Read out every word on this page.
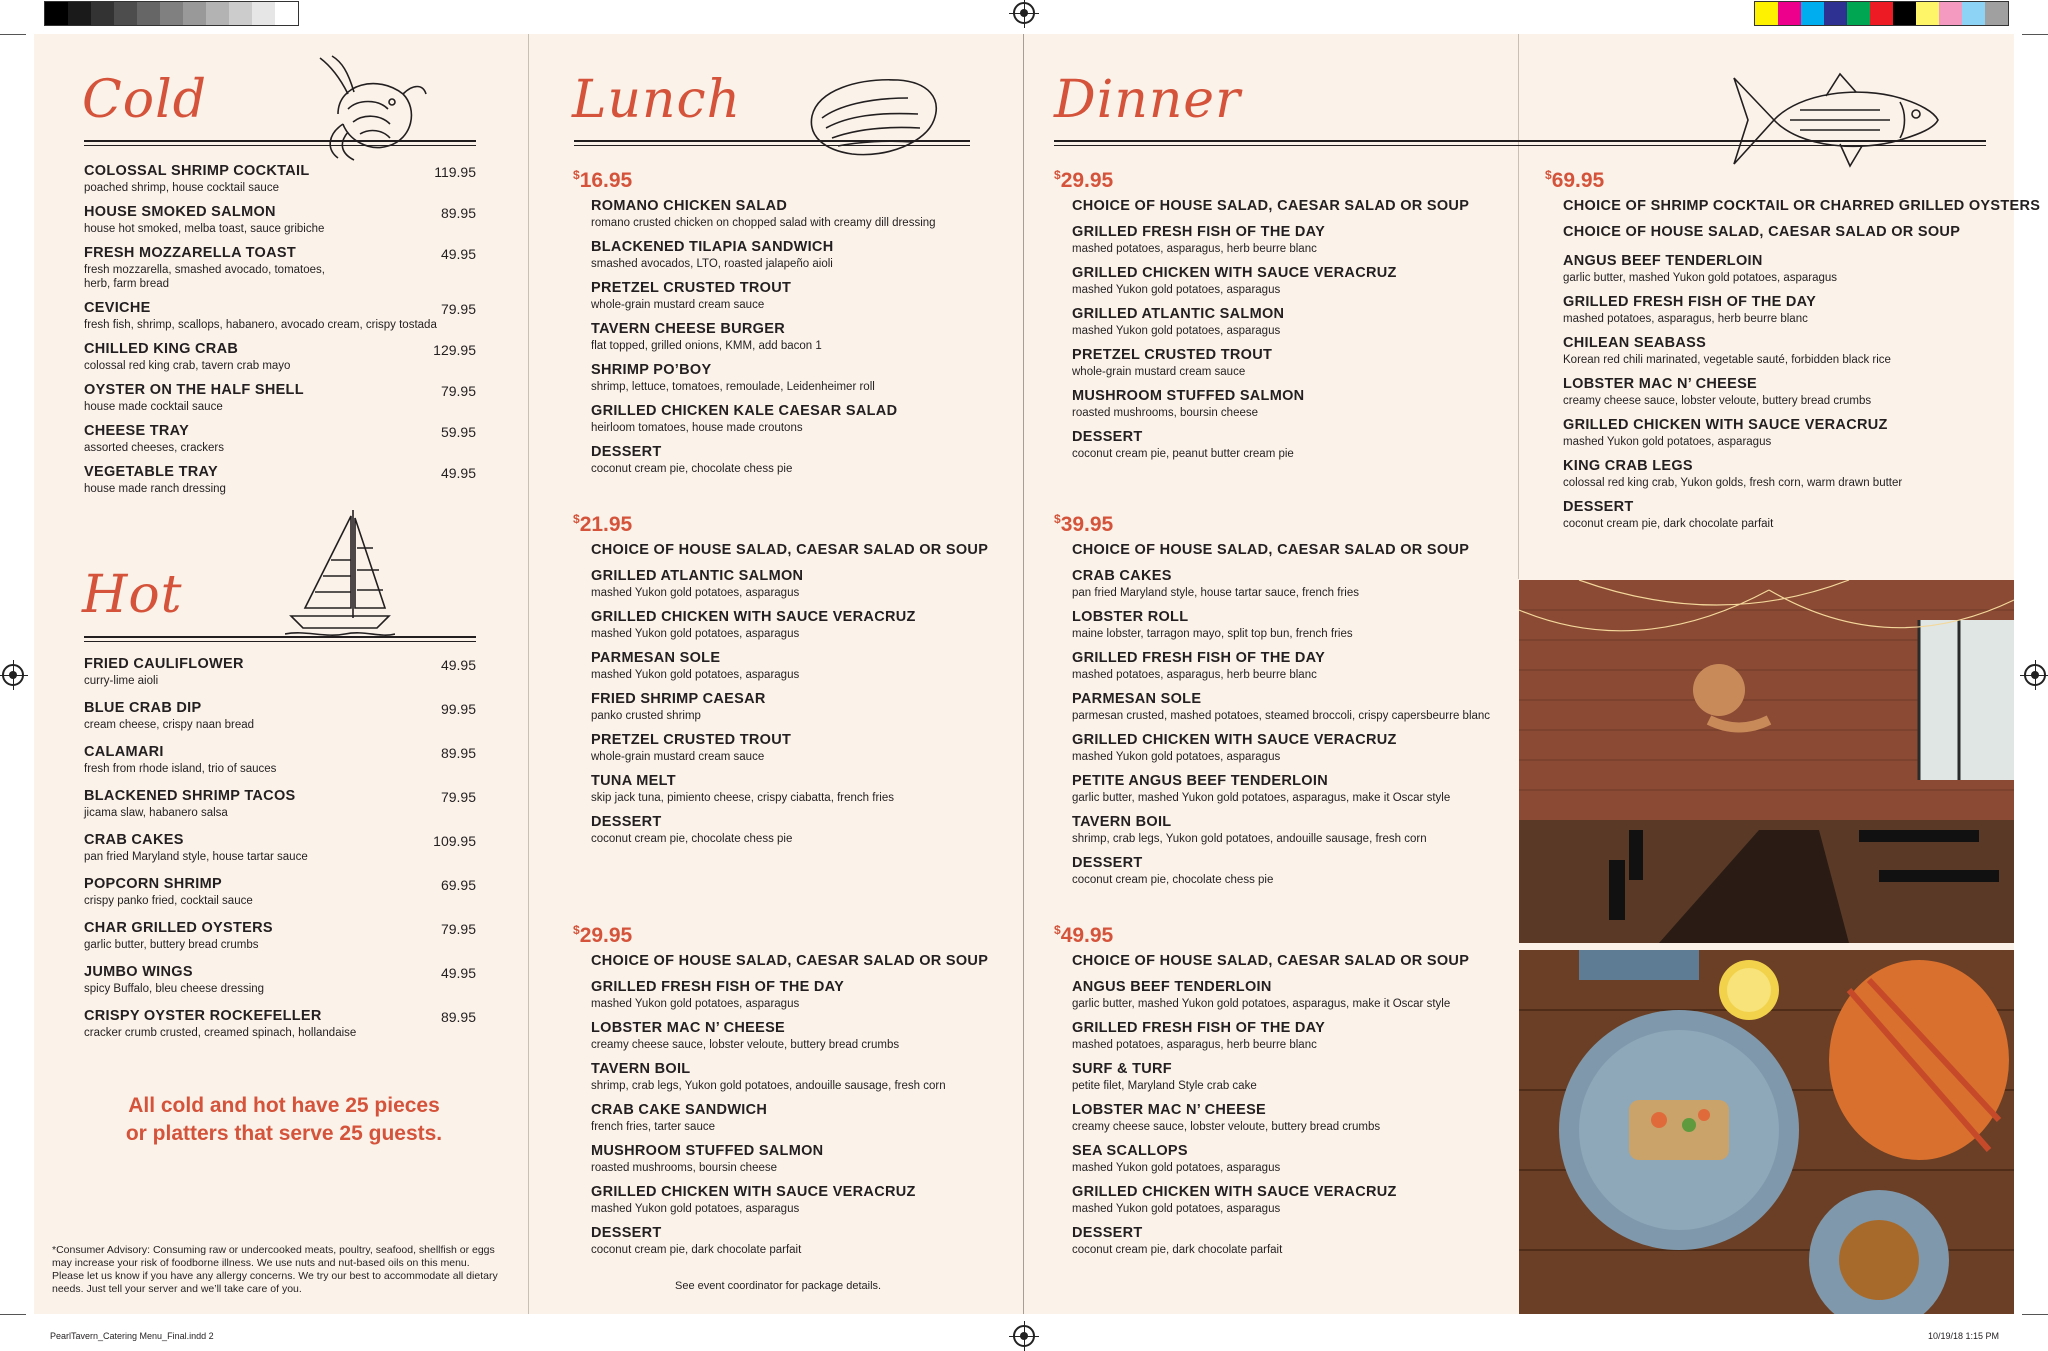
Cold
COLOSSAL SHRIMP COCKTAIL
poached shrimp, house cocktail sauce
119.95
HOUSE SMOKED SALMON
house hot smoked, melba toast, sauce gribiche
89.95
FRESH MOZZARELLA TOAST
fresh mozzarella, smashed avocado, tomatoes,
herb, farm bread
49.95
CEVICHE
fresh fish, shrimp, scallops, habanero, avocado cream, crispy tostada
79.95
CHILLED KING CRAB
colossal red king crab, tavern crab mayo
129.95
OYSTER ON THE HALF SHELL
house made cocktail sauce
79.95
CHEESE TRAY
assorted cheeses, crackers
59.95
VEGETABLE TRAY
house made ranch dressing
49.95
Hot
FRIED CAULIFLOWER
curry-lime aioli
49.95
BLUE CRAB DIP
cream cheese, crispy naan bread
99.95
CALAMARI
fresh from rhode island, trio of sauces
89.95
BLACKENED SHRIMP TACOS
jicama slaw, habanero salsa
79.95
CRAB CAKES
pan fried Maryland style, house tartar sauce
109.95
POPCORN SHRIMP
crispy panko fried, cocktail sauce
69.95
CHAR GRILLED OYSTERS
garlic butter, buttery bread crumbs
79.95
JUMBO WINGS
spicy Buffalo, bleu cheese dressing
49.95
CRISPY OYSTER ROCKEFELLER
cracker crumb crusted, creamed spinach, hollandaise
89.95
All cold and hot have 25 pieces
or platters that serve 25 guests.
*Consumer Advisory: Consuming raw or undercooked meats, poultry, seafood, shellfish or eggs may increase your risk of foodborne illness. We use nuts and nut-based oils on this menu. Please let us know if you have any allergy concerns. We try our best to accommodate all dietary needs. Just tell your server and we’ll take care of you.
Lunch
$16.95
ROMANO CHICKEN SALAD
romano crusted chicken on chopped salad with creamy dill dressing
BLACKENED TILAPIA SANDWICH
smashed avocados, LTO, roasted jalapeño aioli
PRETZEL CRUSTED TROUT
whole-grain mustard cream sauce
TAVERN CHEESE BURGER
flat topped, grilled onions, KMM, add bacon 1
SHRIMP PO’BOY
shrimp, lettuce, tomatoes, remoulade, Leidenheimer roll
GRILLED CHICKEN KALE CAESAR SALAD
heirloom tomatoes, house made croutons
DESSERT
coconut cream pie, chocolate chess pie
$21.95
CHOICE OF HOUSE SALAD, CAESAR SALAD OR SOUP
GRILLED ATLANTIC SALMON
mashed Yukon gold potatoes, asparagus
GRILLED CHICKEN WITH SAUCE VERACRUZ
mashed Yukon gold potatoes, asparagus
PARMESAN SOLE
mashed Yukon gold potatoes, asparagus
FRIED SHRIMP CAESAR
panko crusted shrimp
PRETZEL CRUSTED TROUT
whole-grain mustard cream sauce
TUNA MELT
skip jack tuna, pimiento cheese, crispy ciabatta, french fries
DESSERT
coconut cream pie, chocolate chess pie
$29.95
CHOICE OF HOUSE SALAD, CAESAR SALAD OR SOUP
GRILLED FRESH FISH OF THE DAY
mashed Yukon gold potatoes, asparagus
LOBSTER MAC N’ CHEESE
creamy cheese sauce, lobster veloute, buttery bread crumbs
TAVERN BOIL
shrimp, crab legs, Yukon gold potatoes, andouille sausage, fresh corn
CRAB CAKE SANDWICH
french fries, tarter sauce
MUSHROOM STUFFED SALMON
roasted mushrooms, boursin cheese
GRILLED CHICKEN WITH SAUCE VERACRUZ
mashed Yukon gold potatoes, asparagus
DESSERT
coconut cream pie, dark chocolate parfait
See event coordinator for package details.
Dinner
$29.95
CHOICE OF HOUSE SALAD, CAESAR SALAD OR SOUP
GRILLED FRESH FISH OF THE DAY
mashed potatoes, asparagus, herb beurre blanc
GRILLED CHICKEN WITH SAUCE VERACRUZ
mashed Yukon gold potatoes, asparagus
GRILLED ATLANTIC SALMON
mashed Yukon gold potatoes, asparagus
PRETZEL CRUSTED TROUT
whole-grain mustard cream sauce
MUSHROOM STUFFED SALMON
roasted mushrooms, boursin cheese
DESSERT
coconut cream pie, peanut butter cream pie
$39.95
CHOICE OF HOUSE SALAD, CAESAR SALAD OR SOUP
CRAB CAKES
pan fried Maryland style, house tartar sauce, french fries
LOBSTER ROLL
maine lobster, tarragon mayo, split top bun, french fries
GRILLED FRESH FISH OF THE DAY
mashed potatoes, asparagus, herb beurre blanc
PARMESAN SOLE
parmesan crusted, mashed potatoes, steamed broccoli, crispy capersbeurre blanc
GRILLED CHICKEN WITH SAUCE VERACRUZ
mashed Yukon gold potatoes, asparagus
PETITE ANGUS BEEF TENDERLOIN
garlic butter, mashed Yukon gold potatoes, asparagus, make it Oscar style
TAVERN BOIL
shrimp, crab legs, Yukon gold potatoes, andouille sausage, fresh corn
DESSERT
coconut cream pie, chocolate chess pie
$49.95
CHOICE OF HOUSE SALAD, CAESAR SALAD OR SOUP
ANGUS BEEF TENDERLOIN
garlic butter, mashed Yukon gold potatoes, asparagus, make it Oscar style
GRILLED FRESH FISH OF THE DAY
mashed potatoes, asparagus, herb beurre blanc
SURF & TURF
petite filet, Maryland Style crab cake
LOBSTER MAC N’ CHEESE
creamy cheese sauce, lobster veloute, buttery bread crumbs
SEA SCALLOPS
mashed Yukon gold potatoes, asparagus
GRILLED CHICKEN WITH SAUCE VERACRUZ
mashed Yukon gold potatoes, asparagus
DESSERT
coconut cream pie, dark chocolate parfait
$69.95
CHOICE OF SHRIMP COCKTAIL OR CHARRED GRILLED OYSTERS
CHOICE OF HOUSE SALAD, CAESAR SALAD OR SOUP
ANGUS BEEF TENDERLOIN
garlic butter, mashed Yukon gold potatoes, asparagus
GRILLED FRESH FISH OF THE DAY
mashed potatoes, asparagus, herb beurre blanc
CHILEAN SEABASS
Korean red chili marinated, vegetable sauté, forbidden black rice
LOBSTER MAC N’ CHEESE
creamy cheese sauce, lobster veloute, buttery bread crumbs
GRILLED CHICKEN WITH SAUCE VERACRUZ
mashed Yukon gold potatoes, asparagus
KING CRAB LEGS
colossal red king crab, Yukon golds, fresh corn, warm drawn butter
DESSERT
coconut cream pie, dark chocolate parfait
PearlTavern_Catering Menu_Final.indd 2	10/19/18 1:15 PM
